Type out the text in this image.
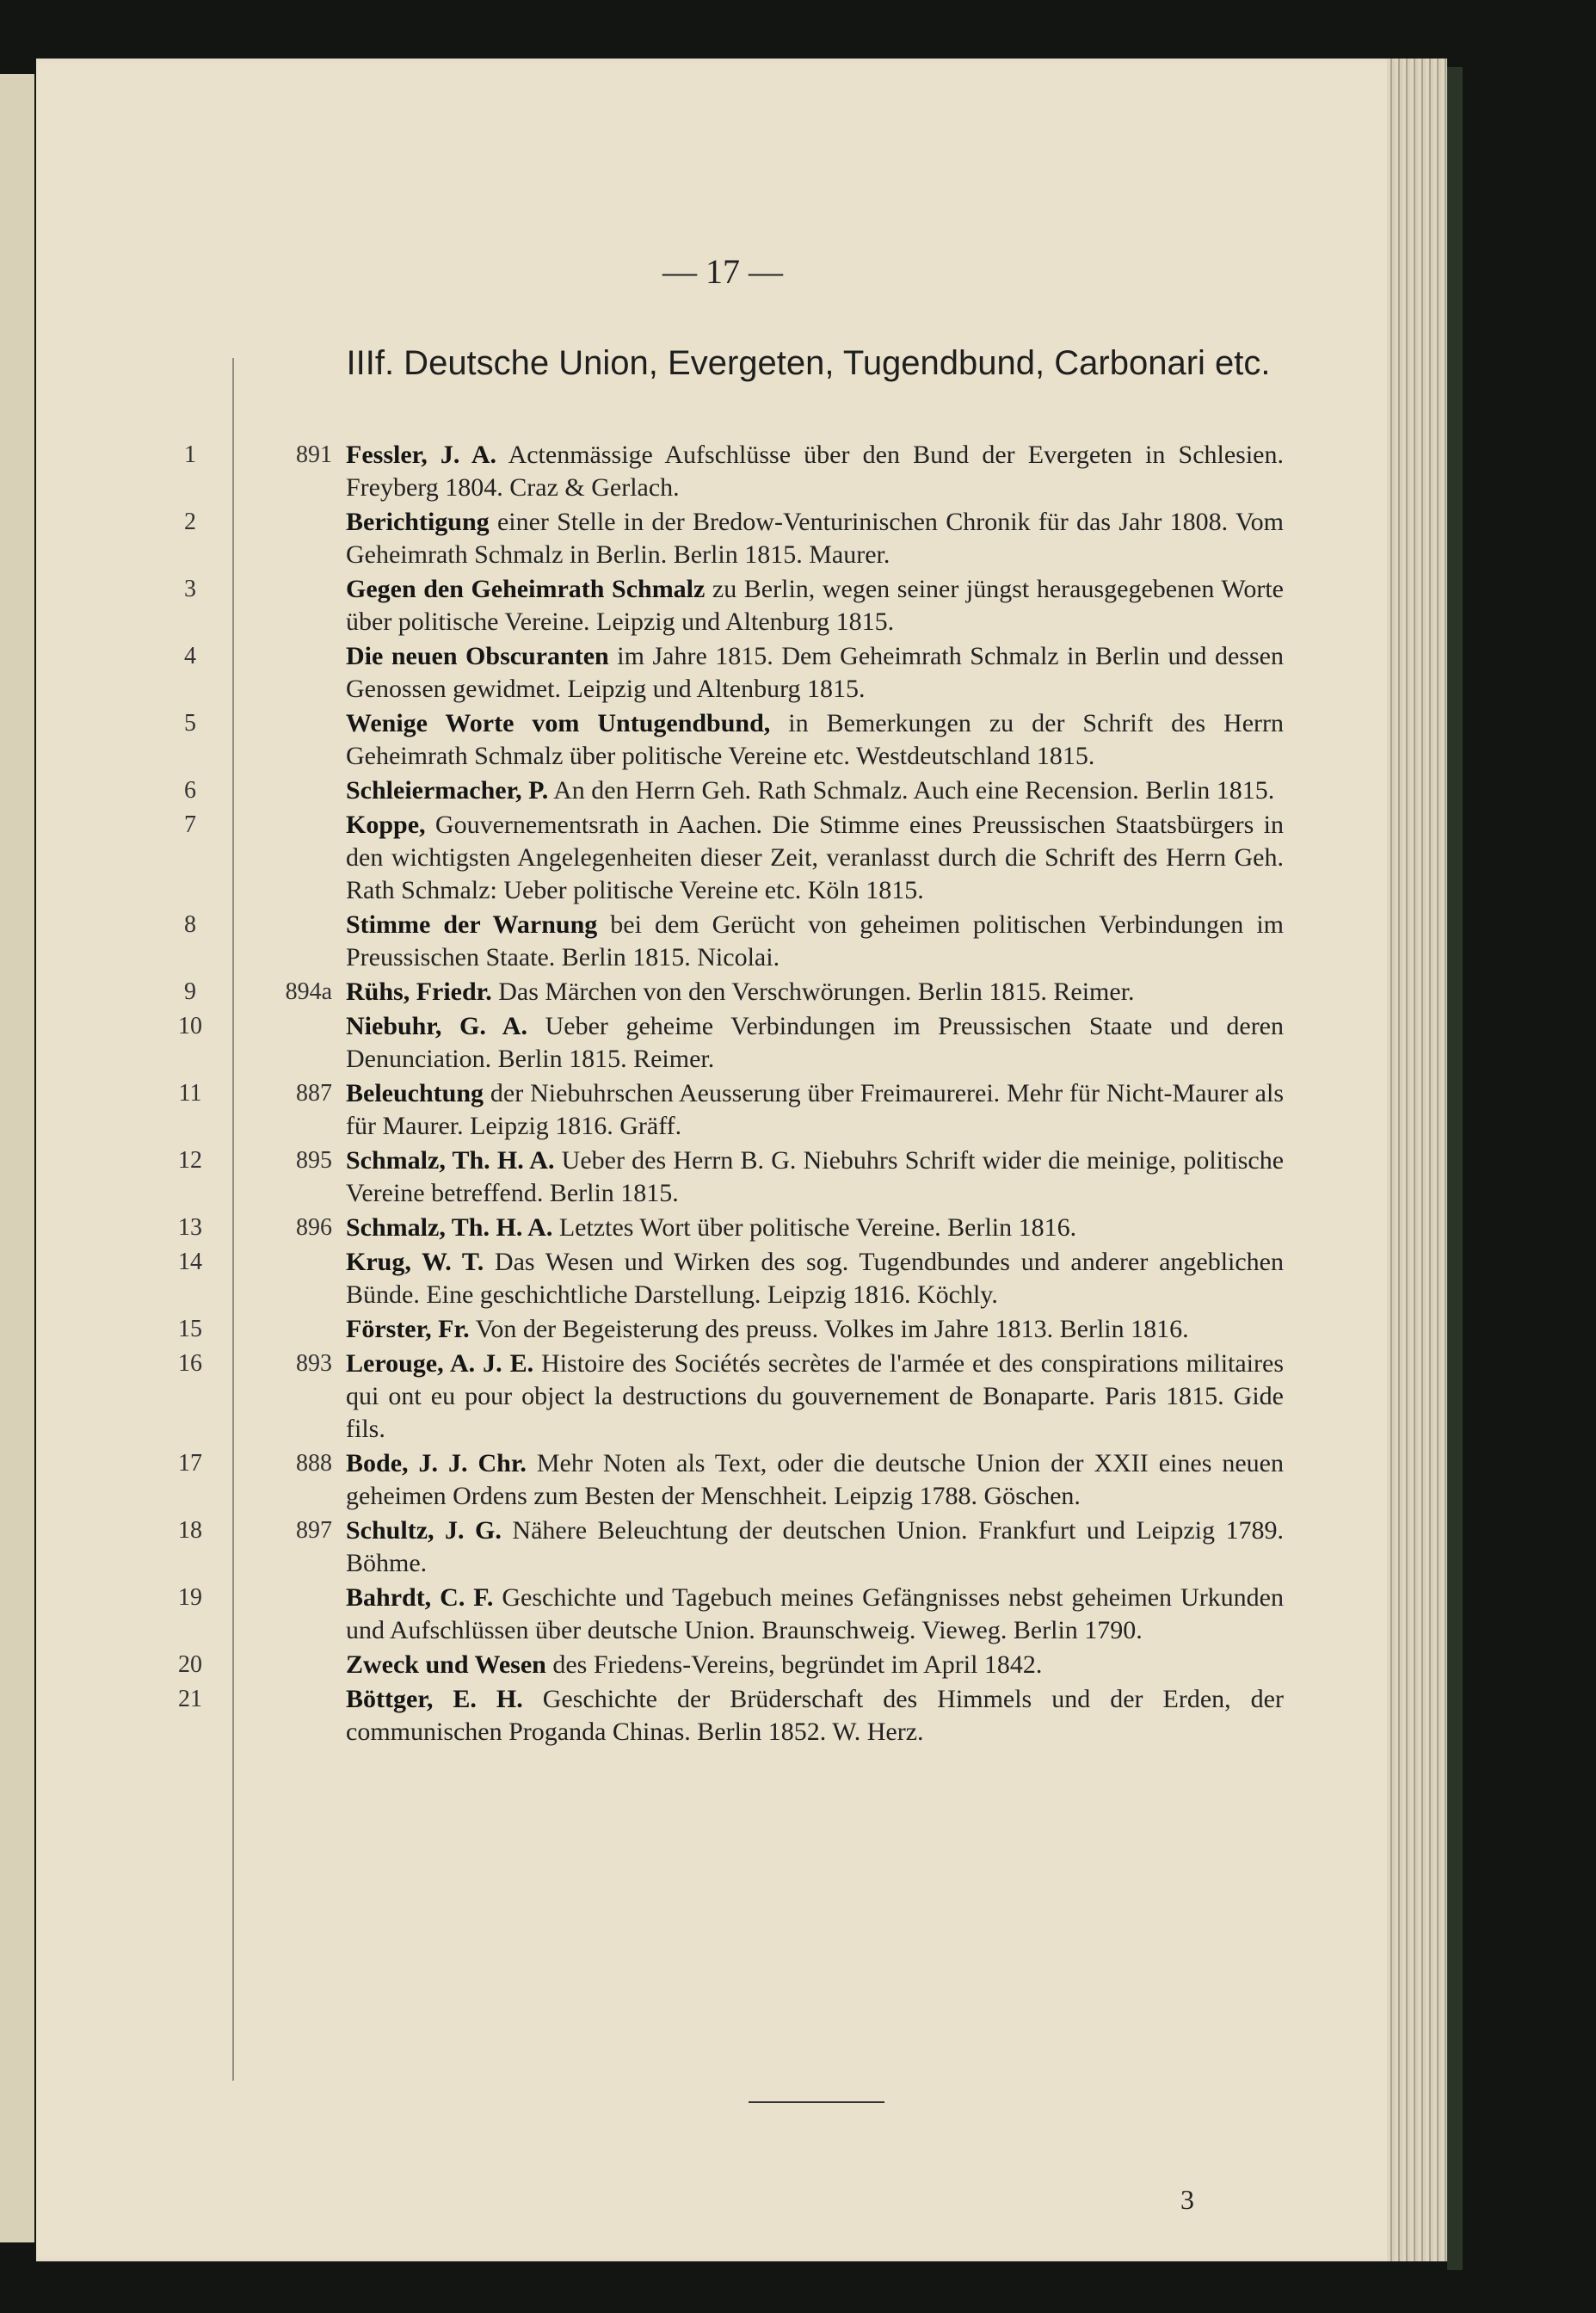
— 17 —
IIIf. Deutsche Union, Evergeten, Tugendbund, Carbonari etc.
1	891 Fessler, J. A. Actenmässige Aufschlüsse über den Bund der Evergeten in Schlesien. Freyberg 1804. Craz & Gerlach.
2	Berichtigung einer Stelle in der Bredow-Venturinischen Chronik für das Jahr 1808. Vom Geheimrath Schmalz in Berlin. Berlin 1815. Maurer.
3	Gegen den Geheimrath Schmalz zu Berlin, wegen seiner jüngst herausgegebenen Worte über politische Vereine. Leipzig und Altenburg 1815.
4	Die neuen Obscuranten im Jahre 1815. Dem Geheimrath Schmalz in Berlin und dessen Genossen gewidmet. Leipzig und Altenburg 1815.
5	Wenige Worte vom Untugendbund, in Bemerkungen zu der Schrift des Herrn Geheimrath Schmalz über politische Vereine etc. Westdeutschland 1815.
6	Schleiermacher, P. An den Herrn Geh. Rath Schmalz. Auch eine Recension. Berlin 1815.
7	Koppe, Gouvernementsrath in Aachen. Die Stimme eines Preussischen Staatsbürgers in den wichtigsten Angelegenheiten dieser Zeit, veranlasst durch die Schrift des Herrn Geh. Rath Schmalz: Ueber politische Vereine etc. Köln 1815.
8	Stimme der Warnung bei dem Gerücht von geheimen politischen Verbindungen im Preussischen Staate. Berlin 1815. Nicolai.
9	894a Rühs, Friedr. Das Märchen von den Verschwörungen. Berlin 1815. Reimer.
10	Niebuhr, G. A. Ueber geheime Verbindungen im Preussischen Staate und deren Denunciation. Berlin 1815. Reimer.
11	887 Beleuchtung der Niebuhrschen Aeusserung über Freimaurerei. Mehr für Nicht-Maurer als für Maurer. Leipzig 1816. Gräff.
12	895 Schmalz, Th. H. A. Ueber des Herrn B. G. Niebuhrs Schrift wider die meinige, politische Vereine betreffend. Berlin 1815.
13	896 Schmalz, Th. H. A. Letztes Wort über politische Vereine. Berlin 1816.
14	Krug, W. T. Das Wesen und Wirken des sog. Tugendbundes und anderer angeblichen Bünde. Eine geschichtliche Darstellung. Leipzig 1816. Köchly.
15	Förster, Fr. Von der Begeisterung des preuss. Volkes im Jahre 1813. Berlin 1816.
16	893 Lerouge, A. J. E. Histoire des Sociétés secrètes de l'armée et des conspirations militaires qui ont eu pour object la destructions du gouvernement de Bonaparte. Paris 1815. Gide fils.
17	888 Bode, J. J. Chr. Mehr Noten als Text, oder die deutsche Union der XXII eines neuen geheimen Ordens zum Besten der Menschheit. Leipzig 1788. Göschen.
18	897 Schultz, J. G. Nähere Beleuchtung der deutschen Union. Frankfurt und Leipzig 1789. Böhme.
19	Bahrdt, C. F. Geschichte und Tagebuch meines Gefängnisses nebst geheimen Urkunden und Aufschlüssen über deutsche Union. Braunschweig. Vieweg. Berlin 1790.
20	Zweck und Wesen des Friedens-Vereins, begründet im April 1842.
21	Böttger, E. H. Geschichte der Brüderschaft des Himmels und der Erden, der communischen Proganda Chinas. Berlin 1852. W. Herz.
3
